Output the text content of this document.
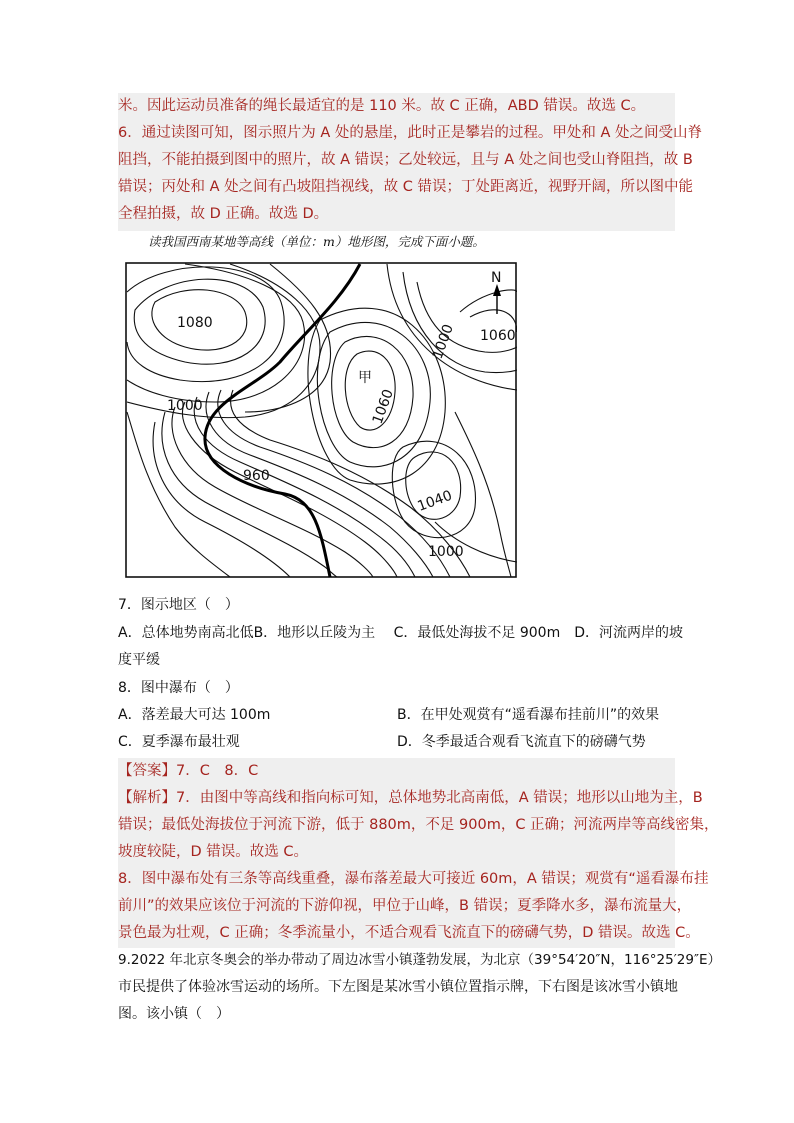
米。因此运动员准备的绳长最适宜的是 110 米。故 C 正确，ABD 错误。故选 C。
6．通过读图可知，图示照片为 A 处的悬崖，此时正是攀岩的过程。甲处和 A 处之间受山脊
阻挡，不能拍摄到图中的照片，故 A 错误；乙处较远，且与 A 处之间也受山脊阻挡，故 B
错误；丙处和 A 处之间有凸坡阻挡视线，故 C 错误；丁处距离近，视野开阔，所以图中能
全程拍摄，故 D 正确。故选 D。
读我国西南某地等高线（单位：m）地形图，完成下面小题。
N
1080	1000 1060
甲
1060
1000
960
1040
1000
7．图示地区（　）
A．总体地势南高北低B．地形以丘陵为主　 C．最低处海拔不足 900m　D．河流两岸的坡
度平缓
8．图中瀑布（　）
A．落差最大可达 100m	B．在甲处观赏有“遥看瀑布挂前川”的效果
C．夏季瀑布最壮观	D．冬季最适合观看飞流直下的磅礴气势
【答案】7．C　8．C
【解析】7．由图中等高线和指向标可知，总体地势北高南低，A 错误；地形以山地为主，B
错误；最低处海拔位于河流下游，低于 880m，不足 900m，C 正确；河流两岸等高线密集，
坡度较陡，D 错误。故选 C。
8．图中瀑布处有三条等高线重叠，瀑布落差最大可接近 60m，A 错误；观赏有“遥看瀑布挂
前川”的效果应该位于河流的下游仰视，甲位于山峰，B 错误；夏季降水多，瀑布流量大，
景色最为壮观，C 正确；冬季流量小，不适合观看飞流直下的磅礴气势，D 错误。故选 C。
9.2022 年北京冬奥会的举办带动了周边冰雪小镇蓬勃发展，为北京（39°54′20″N，116°25′29″E）
市民提供了体验冰雪运动的场所。下左图是某冰雪小镇位置指示牌，下右图是该冰雪小镇地
图。该小镇（　）
